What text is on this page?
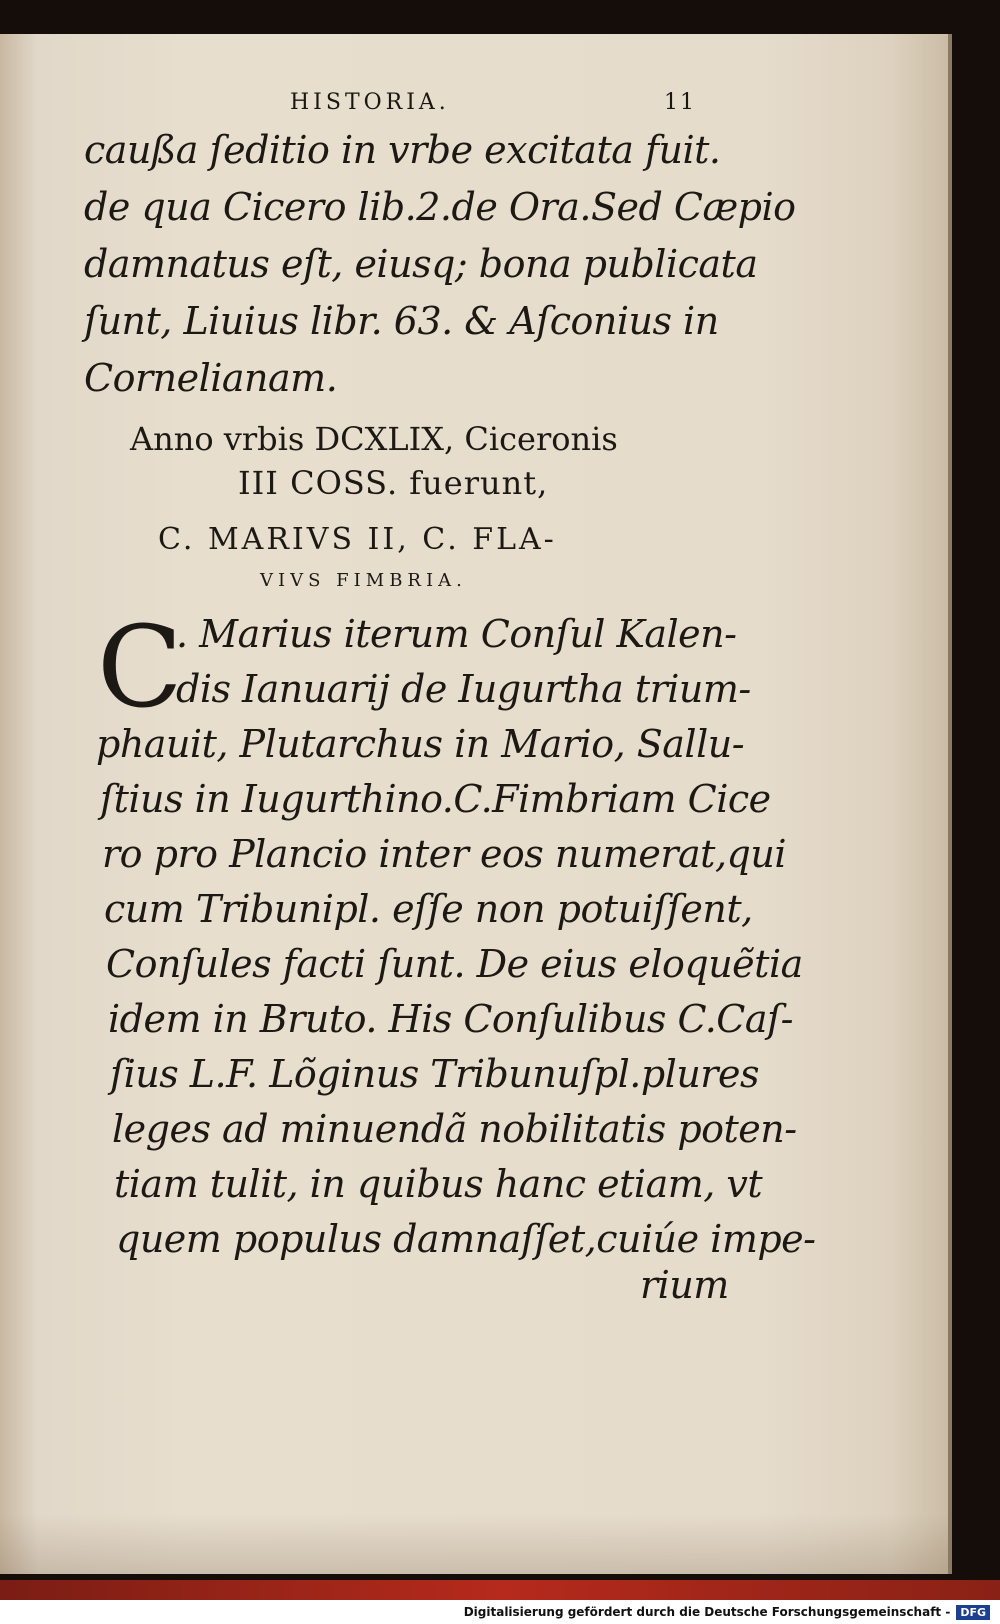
HISTORIA.	11
caußa ſeditio in vrbe excitata fuit.
de qua Cicero lib.2.de Ora.Sed Cæpio
damnatus eſt, eiusq; bona publicata
ſunt, Liuius libr. 63. & Aſconius in
Cornelianam.
Anno vrbis DCXLIX, Ciceronis
III COSS. fuerunt,
C. MARIVS II, C. FLA-
VIVS FIMBRIA.
C
. Marius iterum Conſul Kalen-
dis Ianuarij de Iugurtha trium-
phauit, Plutarchus in Mario, Sallu-
ſtius in Iugurthino.C.Fimbriam Cice
ro pro Plancio inter eos numerat,qui
cum Tribunipl. eſſe non potuiſſent,
Conſules facti ſunt. De eius eloquẽtia
idem in Bruto. His Conſulibus C.Caſ-
ſius L.F. Lõginus Tribunuſpl.plures
leges ad minuendã nobilitatis poten-
tiam tulit, in quibus hanc etiam, vt
quem populus damnaſſet,cuiúe impe-
rium
Digitalisierung gefördert durch die Deutsche Forschungsgemeinschaft - DFG
